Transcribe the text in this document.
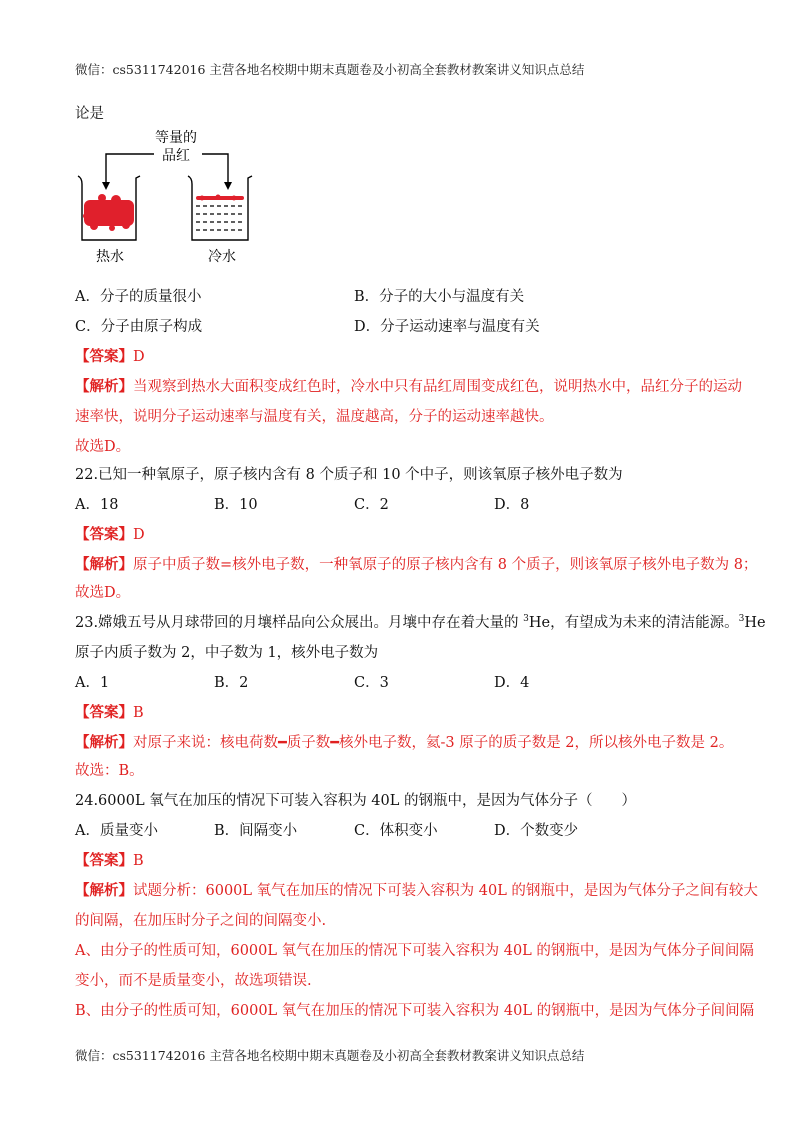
微信：cs5311742016 主营各地名校期中期末真题卷及小初高全套教材教案讲义知识点总结
论是
等量的
品红
热水	冷水
A．分子的质量很小	B．分子的大小与温度有关
C．分子由原子构成	D．分子运动速率与温度有关
【答案】D
【解析】当观察到热水大面积变成红色时，冷水中只有品红周围变成红色，说明热水中，品红分子的运动
速率快，说明分子运动速率与温度有关，温度越高，分子的运动速率越快。
故选D。
22.已知一种氧原子，原子核内含有 8 个质子和 10 个中子，则该氧原子核外电子数为
A．18	B．10	C．2	D．8
【答案】D
【解析】原子中质子数=核外电子数，一种氧原子的原子核内含有 8 个质子，则该氧原子核外电子数为 8；
故选D。
23.嫦娥五号从月球带回的月壤样品向公众展出。月壤中存在着大量的 $^3$He，有望成为未来的清洁能源。$^3$He
原子内质子数为 2，中子数为 1，核外电子数为
A．1	B．2	C．3	D．4
【答案】B
【解析】对原子来说：核电荷数━质子数━核外电子数，氦-3 原子的质子数是 2，所以核外电子数是 2。
故选：B。
24.6000L 氧气在加压的情况下可装入容积为 40L 的钢瓶中，是因为气体分子（　　）
A．质量变小	B．间隔变小	C．体积变小	D．个数变少
【答案】B
【解析】试题分析：6000L 氧气在加压的情况下可装入容积为 40L 的钢瓶中，是因为气体分子之间有较大
的间隔，在加压时分子之间的间隔变小.
A、由分子的性质可知，6000L 氧气在加压的情况下可装入容积为 40L 的钢瓶中，是因为气体分子间间隔
变小，而不是质量变小，故选项错误.
B、由分子的性质可知，6000L 氧气在加压的情况下可装入容积为 40L 的钢瓶中，是因为气体分子间间隔
微信：cs5311742016 主营各地名校期中期末真题卷及小初高全套教材教案讲义知识点总结
